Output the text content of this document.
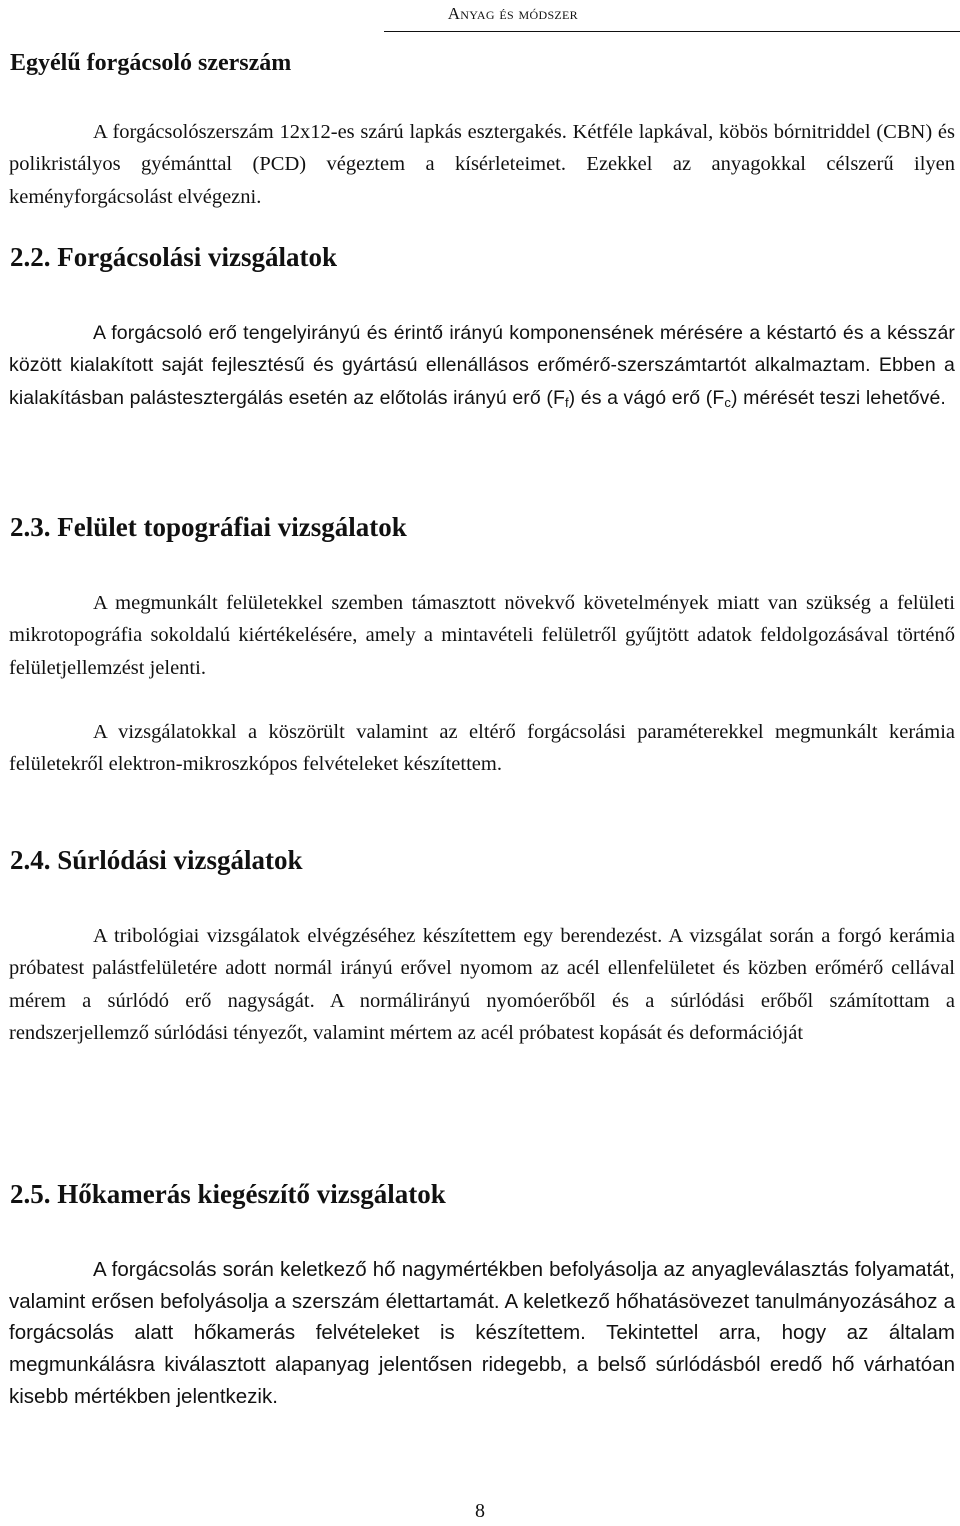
Anyag és módszer
Egyélű forgácsoló szerszám

A forgácsolószerszám 12x12-es szárú lapkás esztergakés. Kétféle lapkával, köbös bórnitriddel (CBN) és polikristályos gyémánttal (PCD) végeztem a kísérleteimet. Ezekkel az anyagokkal célszerű ilyen keményforgácsolást elvégezni.

2.2. Forgácsolási vizsgálatok

A forgácsoló erő tengelyirányú és érintő irányú komponensének mérésére a késtartó és a késszár között kialakított saját fejlesztésű és gyártású ellenállásos erőmérő-szerszámtartót alkalmaztam. Ebben a kialakításban palástesztergálás esetén az előtolás irányú erő $(F_f)$ és a vágó erő $(F_c)$ mérését teszi lehetővé.

2.3. Felület topográfiai vizsgálatok

A megmunkált felületekkel szemben támasztott növekvő követelmények miatt van szükség a felületi mikrotopográfia sokoldalú kiértékelésére, amely a mintavételi felületről gyűjtött adatok feldolgozásával történő felületjellemzést jelenti.

A vizsgálatokkal a köszörült valamint az eltérő forgácsolási paraméterekkel megmunkált kerámia felületekről elektron-mikroszkópos felvételeket készítettem.

2.4. Súrlódási vizsgálatok

A tribológiai vizsgálatok elvégzéséhez készítettem egy berendezést. A vizsgálat során a forgó kerámia próbatest palástfelületére adott normál irányú erővel nyomom az acél ellenfelületet és közben erőmérő cellával mérem a súrlódó erő nagyságát. A normálirányú nyomóerőből és a súrlódási erőből számítottam a rendszerjellemző súrlódási tényezőt, valamint mértem az acél próbatest kopását és deformációját

2.5. Hőkamerás kiegészítő vizsgálatok

A forgácsolás során keletkező hő nagymértékben befolyásolja az anyagleválasztás folyamatát, valamint erősen befolyásolja a szerszám élettartamát. A keletkező hőhatásövezet tanulmányozásához a forgácsolás alatt hőkamerás felvételeket is készítettem. Tekintettel arra, hogy az általam megmunkálásra kiválasztott alapanyag jelentősen ridegebb, a belső súrlódásból eredő hő várhatóan kisebb mértékben jelentkezik.

8
